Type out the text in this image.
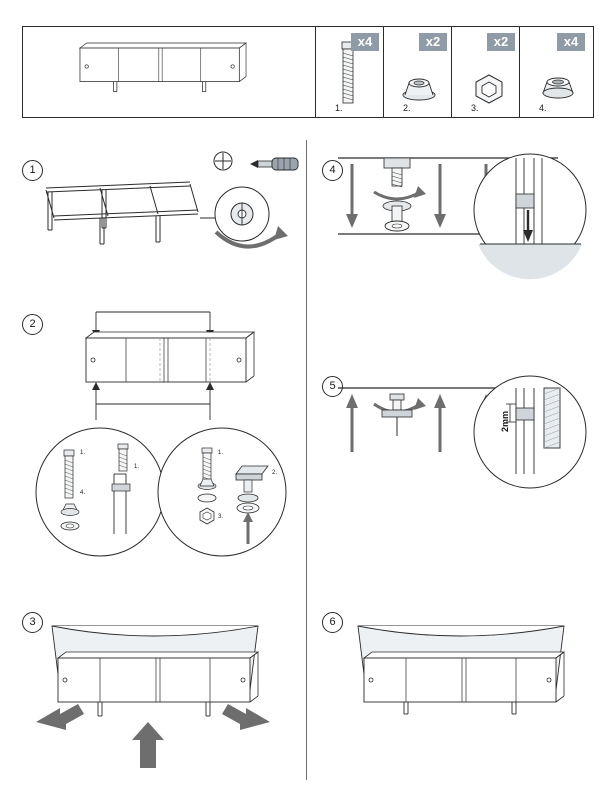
x4
1.
x2
2.
x2
3.
x4
4.
1
2
1.
4.
1.
1.
2.
3.
3
4
5
2mm
6
